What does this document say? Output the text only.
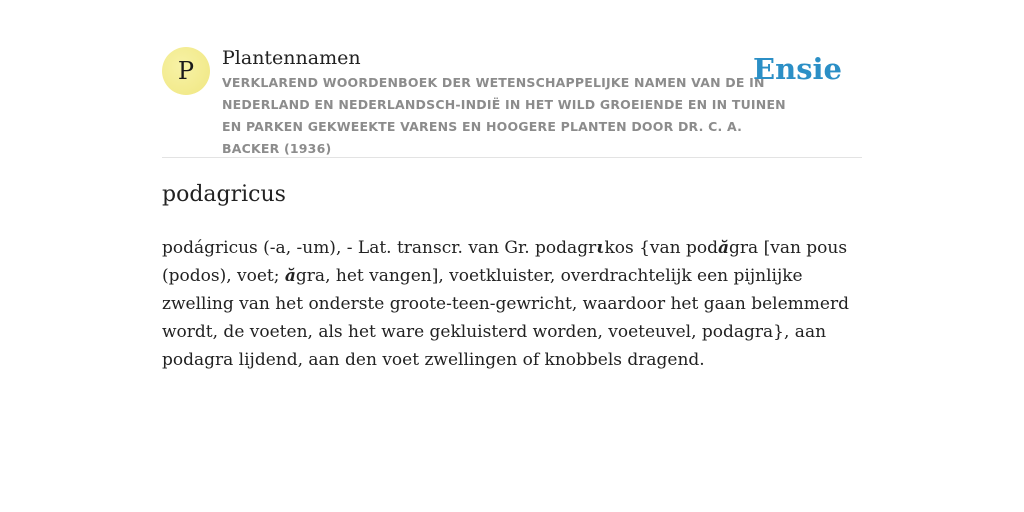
P Plantennamen
VERKLAREND WOORDENBOEK DER WETENSCHAPPELIJKE NAMEN VAN DE IN NEDERLAND EN NEDERLANDSCH-INDIË IN HET WILD GROEIENDE EN IN TUINEN EN PARKEN GEKWEEKTE VARENS EN HOOGERE PLANTEN DOOR DR. C. A. BACKER (1936)
Ensie
podagricus

podágricus (-a, -um), - Lat. transcr. van Gr. podagrιkos {van podăgra [van pous (podos), voet; ăgra, het vangen], voetkluister, overdrachtelijk een pijnlijke zwelling van het onderste groote-teen-gewricht, waardoor het gaan belemmerd wordt, de voeten, als het ware gekluisterd worden, voeteuvel, podagra}, aan podagra lijdend, aan den voet zwellingen of knobbels dragend.
